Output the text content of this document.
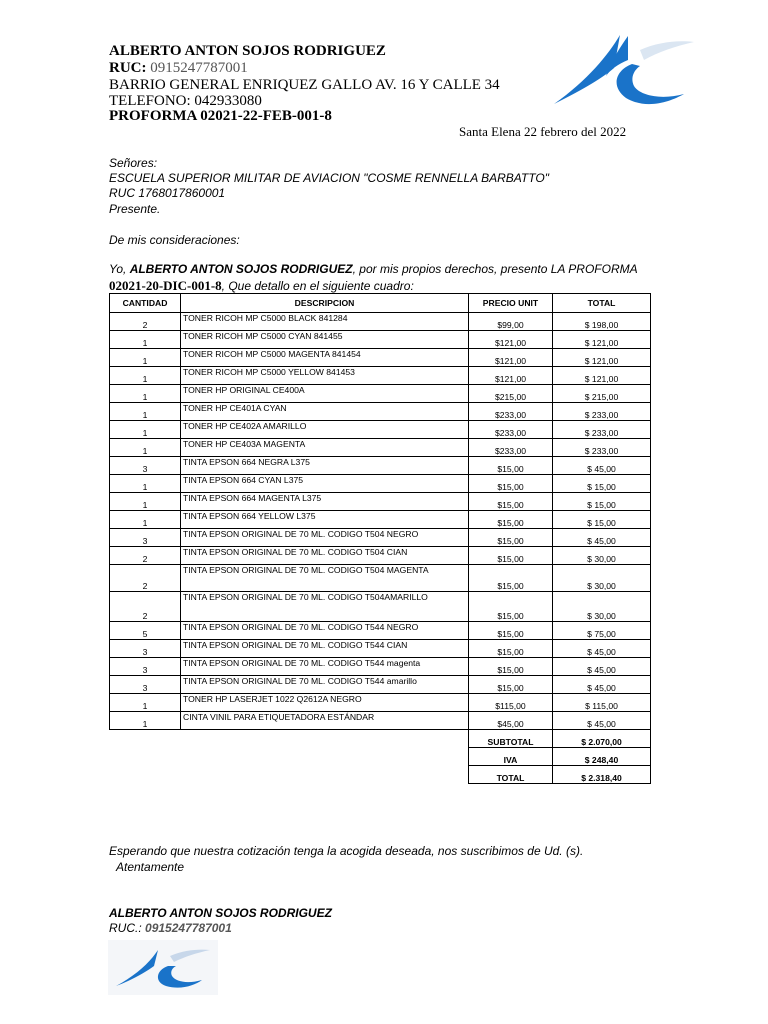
ALBERTO ANTON SOJOS RODRIGUEZ
RUC: 0915247787001
BARRIO GENERAL ENRIQUEZ GALLO AV. 16 Y CALLE 34
TELEFONO: 042933080
PROFORMA 02021-22-FEB-001-8
Santa Elena 22 febrero del 2022
Señores:
ESCUELA SUPERIOR MILITAR DE AVIACION "COSME RENNELLA BARBATTO"
RUC 1768017860001
Presente.
De mis consideraciones:
Yo, ALBERTO ANTON SOJOS RODRIGUEZ, por mis propios derechos, presento LA PROFORMA
02021-20-DIC-001-8, Que detallo en el siguiente cuadro:
CANTIDAD	DESCRIPCION	PRECIO UNIT	TOTAL
2	TONER RICOH MP C5000 BLACK 841284	$99,00	$ 198,00
1	TONER RICOH MP C5000 CYAN 841455	$121,00	$ 121,00
1	TONER RICOH MP C5000 MAGENTA 841454	$121,00	$ 121,00
1	TONER RICOH MP C5000 YELLOW 841453	$121,00	$ 121,00
1	TONER HP ORIGINAL CE400A	$215,00	$ 215,00
1	TONER HP CE401A CYAN	$233,00	$ 233,00
1	TONER HP CE402A AMARILLO	$233,00	$ 233,00
1	TONER HP CE403A MAGENTA	$233,00	$ 233,00
3	TINTA EPSON 664 NEGRA L375	$15,00	$ 45,00
1	TINTA EPSON 664 CYAN L375	$15,00	$ 15,00
1	TINTA EPSON 664 MAGENTA L375	$15,00	$ 15,00
1	TINTA EPSON 664 YELLOW L375	$15,00	$ 15,00
3	TINTA EPSON ORIGINAL DE 70 ML. CODIGO T504 NEGRO	$15,00	$ 45,00
2	TINTA EPSON ORIGINAL DE 70 ML. CODIGO T504 CIAN	$15,00	$ 30,00
2	TINTA EPSON ORIGINAL DE 70 ML. CODIGO T504 MAGENTA	$15,00	$ 30,00
2	TINTA EPSON ORIGINAL DE 70 ML. CODIGO T504AMARILLO	$15,00	$ 30,00
5	TINTA EPSON ORIGINAL DE 70 ML. CODIGO T544 NEGRO	$15,00	$ 75,00
3	TINTA EPSON ORIGINAL DE 70 ML. CODIGO T544 CIAN	$15,00	$ 45,00
3	TINTA EPSON ORIGINAL DE 70 ML. CODIGO T544 magenta	$15,00	$ 45,00
3	TINTA EPSON ORIGINAL DE 70 ML. CODIGO T544 amarillo	$15,00	$ 45,00
1	TONER HP LASERJET 1022 Q2612A NEGRO	$115,00	$ 115,00
1	CINTA VINIL PARA ETIQUETADORA ESTÁNDAR	$45,00	$ 45,00
		SUBTOTAL	$ 2.070,00
		IVA	$ 248,40
		TOTAL	$ 2.318,40
Esperando que nuestra cotización tenga la acogida deseada, nos suscribimos de Ud. (s).
Atentamente
ALBERTO ANTON SOJOS RODRIGUEZ
RUC.: 0915247787001
